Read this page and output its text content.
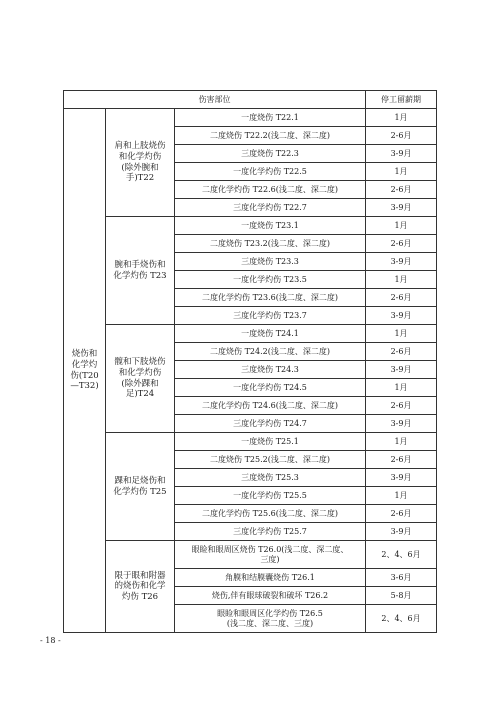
伤害部位			停工留薪期
烧伤和
化学灼
伤(T20
—T32)	肩和上肢烧伤
和化学灼伤
(除外腕和
手)T22	一度烧伤 T22.1	1月
		二度烧伤 T22.2(浅二度、深二度)	2-6月
		三度烧伤 T22.3	3-9月
		一度化学灼伤 T22.5	1月
		二度化学灼伤 T22.6(浅二度、深二度)	2-6月
		三度化学灼伤 T22.7	3-9月
	腕和手烧伤和
化学灼伤 T23	一度烧伤 T23.1	1月
		二度烧伤 T23.2(浅二度、深二度)	2-6月
		三度烧伤 T23.3	3-9月
		一度化学灼伤 T23.5	1月
		二度化学灼伤 T23.6(浅二度、深二度)	2-6月
		三度化学灼伤 T23.7	3-9月
	髋和下肢烧伤
和化学灼伤
(除外踝和
足)T24	一度烧伤 T24.1	1月
		二度烧伤 T24.2(浅二度、深二度)	2-6月
		三度烧伤 T24.3	3-9月
		一度化学灼伤 T24.5	1月
		二度化学灼伤 T24.6(浅二度、深二度)	2-6月
		三度化学灼伤 T24.7	3-9月
	踝和足烧伤和
化学灼伤 T25	一度烧伤 T25.1	1月
		二度烧伤 T25.2(浅二度、深二度)	2-6月
		三度烧伤 T25.3	3-9月
		一度化学灼伤 T25.5	1月
		二度化学灼伤 T25.6(浅二度、深二度)	2-6月
		三度化学灼伤 T25.7	3-9月
	限于眼和附器
的烧伤和化学
灼伤 T26	眼睑和眼周区烧伤 T26.0(浅二度、深二度、
三度)	2、4、6月
		角膜和结膜囊烧伤 T26.1	3-6月
		烧伤,伴有眼球破裂和破坏 T26.2	5-8月
		眼睑和眼周区化学灼伤 T26.5
(浅二度、深二度、三度)	2、4、6月
- 18 -
